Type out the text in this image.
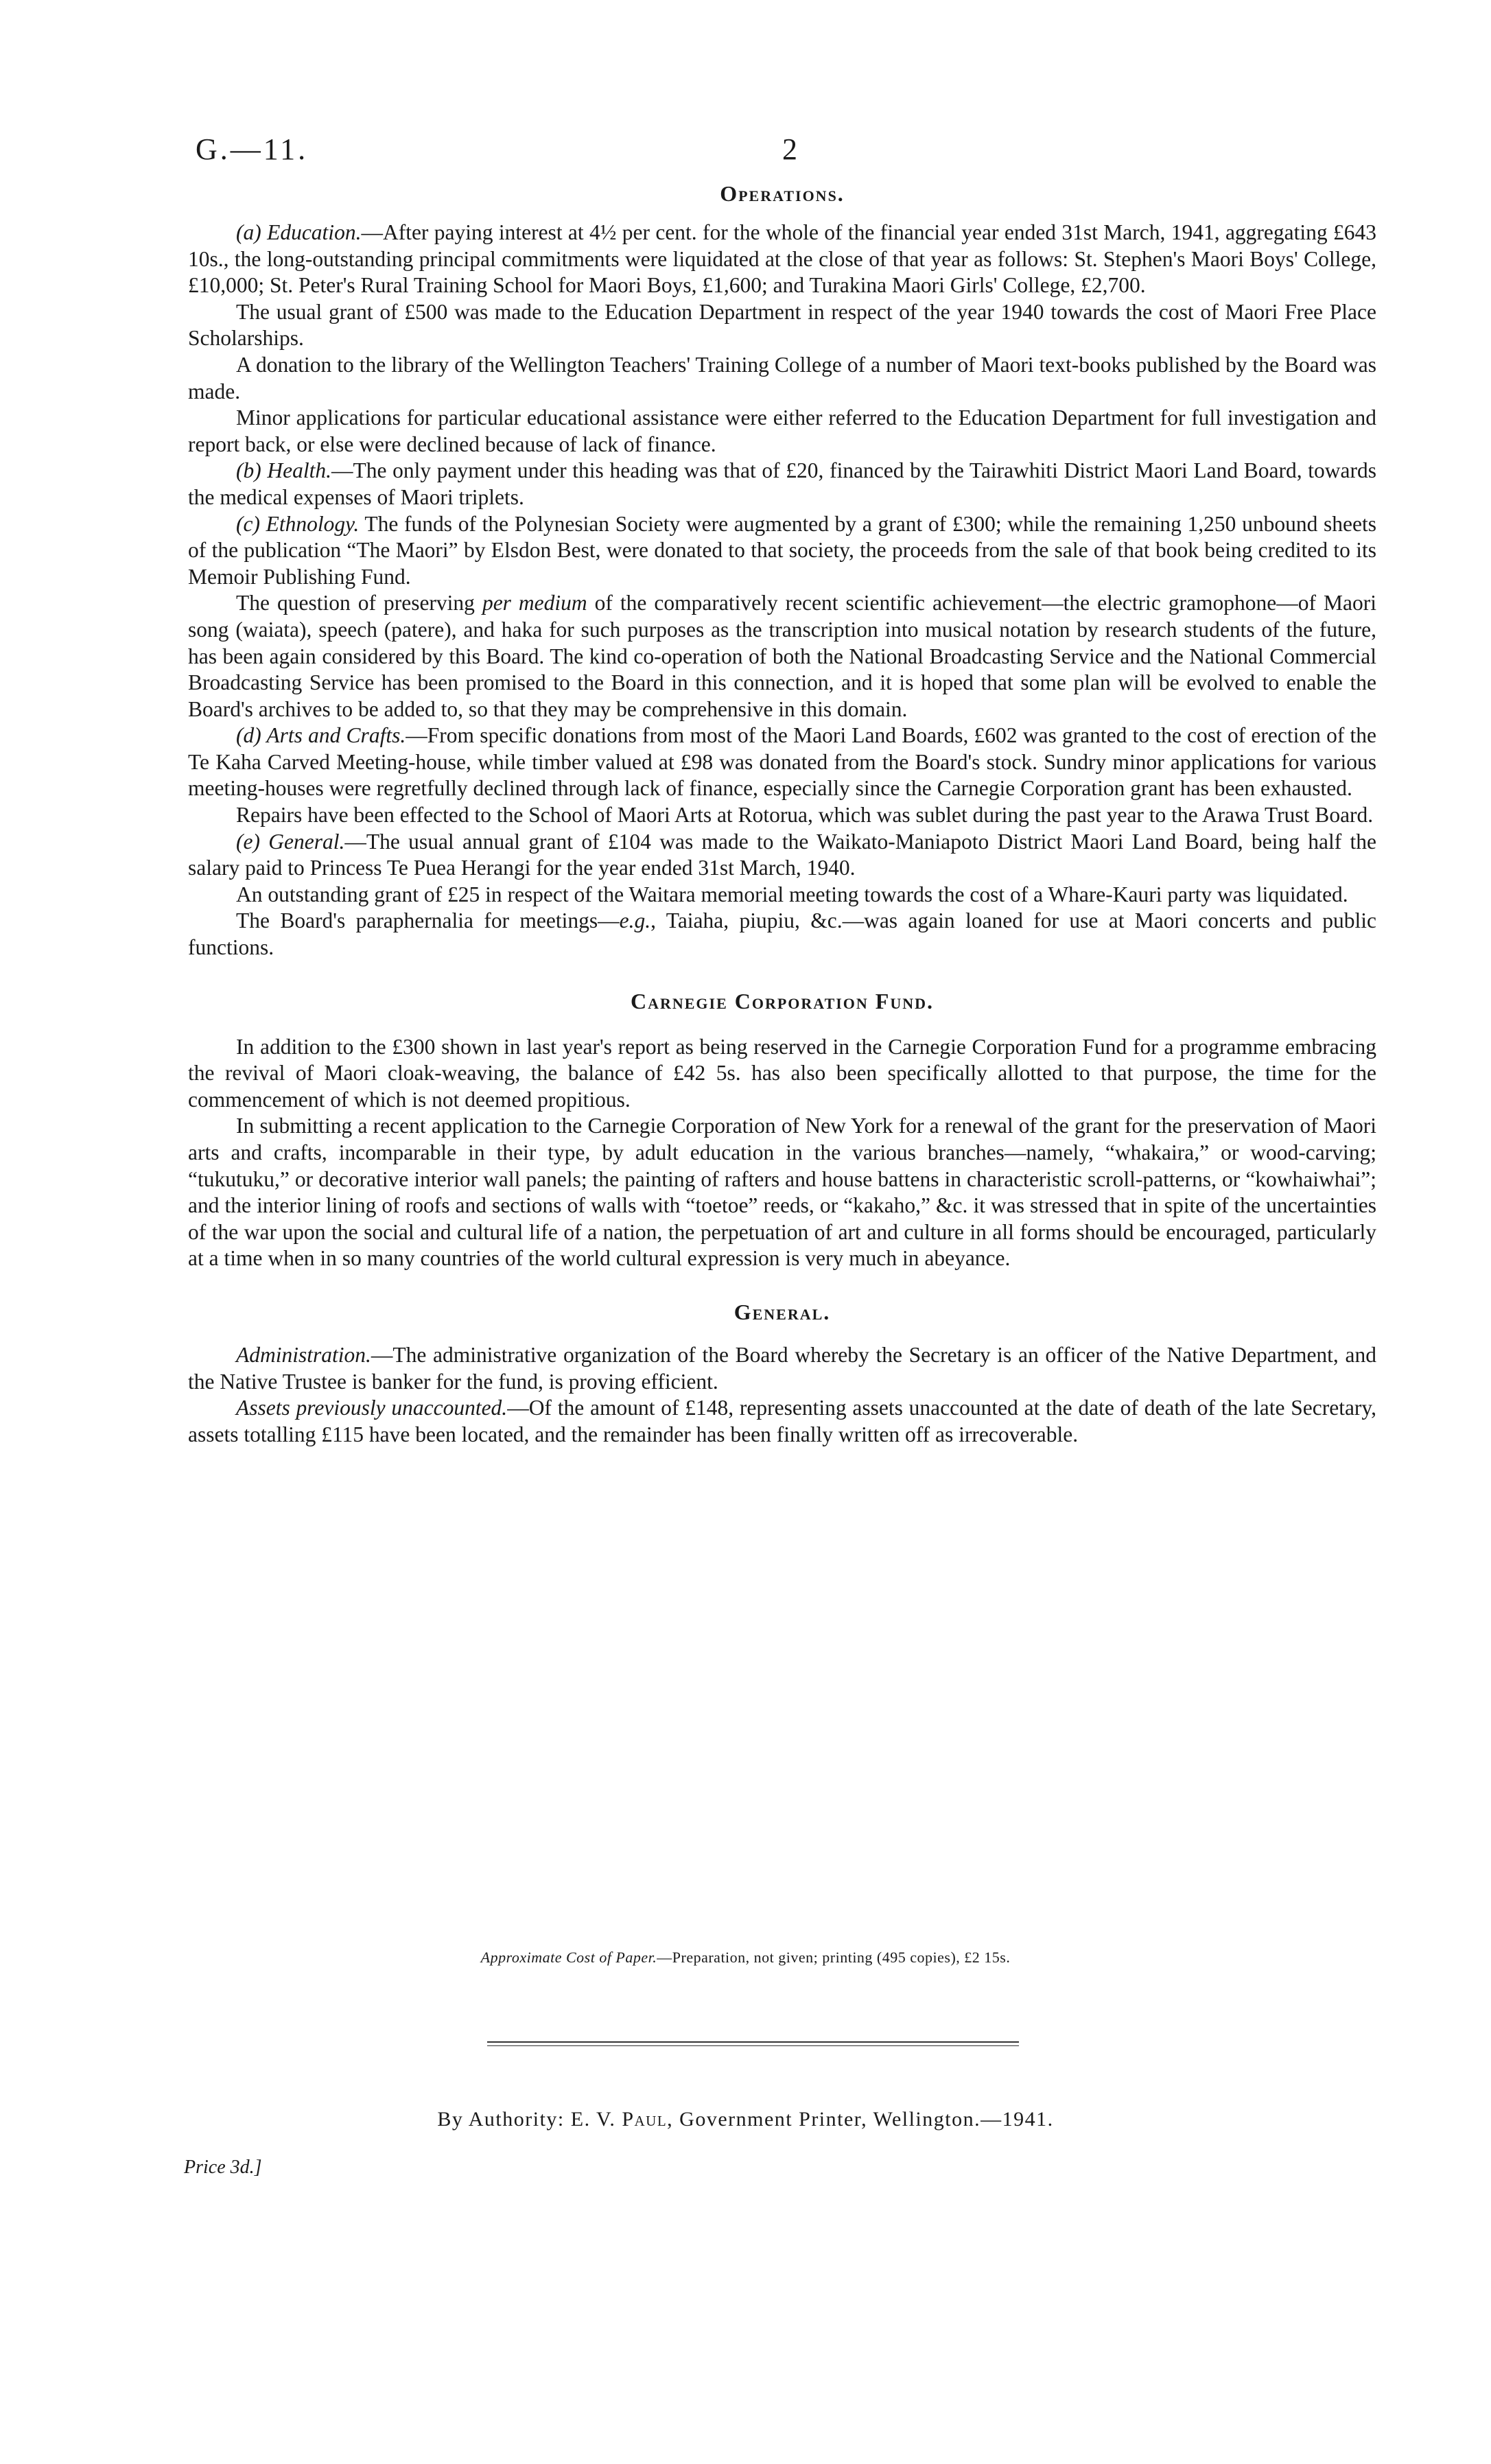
G.—11.	2
Operations.

(a) Education.—After paying interest at 4½ per cent. for the whole of the financial year ended 31st March, 1941, aggregating £643 10s., the long-outstanding principal commitments were liquidated at the close of that year as follows: St. Stephen's Maori Boys' College, £10,000; St. Peter's Rural Training School for Maori Boys, £1,600; and Turakina Maori Girls' College, £2,700.

The usual grant of £500 was made to the Education Department in respect of the year 1940 towards the cost of Maori Free Place Scholarships.

A donation to the library of the Wellington Teachers' Training College of a number of Maori text-books published by the Board was made.

Minor applications for particular educational assistance were either referred to the Education Department for full investigation and report back, or else were declined because of lack of finance.

(b) Health.—The only payment under this heading was that of £20, financed by the Tairawhiti District Maori Land Board, towards the medical expenses of Maori triplets.

(c) Ethnology. The funds of the Polynesian Society were augmented by a grant of £300; while the remaining 1,250 unbound sheets of the publication “The Maori” by Elsdon Best, were donated to that society, the proceeds from the sale of that book being credited to its Memoir Publishing Fund.

The question of preserving per medium of the comparatively recent scientific achievement—the electric gramophone—of Maori song (waiata), speech (patere), and haka for such purposes as the transcription into musical notation by research students of the future, has been again considered by this Board. The kind co-operation of both the National Broadcasting Service and the National Commercial Broadcasting Service has been promised to the Board in this connection, and it is hoped that some plan will be evolved to enable the Board's archives to be added to, so that they may be comprehensive in this domain.

(d) Arts and Crafts.—From specific donations from most of the Maori Land Boards, £602 was granted to the cost of erection of the Te Kaha Carved Meeting-house, while timber valued at £98 was donated from the Board's stock. Sundry minor applications for various meeting-houses were regretfully declined through lack of finance, especially since the Carnegie Corporation grant has been exhausted.

Repairs have been effected to the School of Maori Arts at Rotorua, which was sublet during the past year to the Arawa Trust Board.

(e) General.—The usual annual grant of £104 was made to the Waikato-Maniapoto District Maori Land Board, being half the salary paid to Princess Te Puea Herangi for the year ended 31st March, 1940.

An outstanding grant of £25 in respect of the Waitara memorial meeting towards the cost of a Whare-Kauri party was liquidated.

The Board's paraphernalia for meetings—e.g., Taiaha, piupiu, &c.—was again loaned for use at Maori concerts and public functions.

Carnegie Corporation Fund.

In addition to the £300 shown in last year's report as being reserved in the Carnegie Corporation Fund for a programme embracing the revival of Maori cloak-weaving, the balance of £42 5s. has also been specifically allotted to that purpose, the time for the commencement of which is not deemed propitious.

In submitting a recent application to the Carnegie Corporation of New York for a renewal of the grant for the preservation of Maori arts and crafts, incomparable in their type, by adult education in the various branches—namely, “whakaira,” or wood-carving; “tukutuku,” or decorative interior wall panels; the painting of rafters and house battens in characteristic scroll-patterns, or “kowhaiwhai”; and the interior lining of roofs and sections of walls with “toetoe” reeds, or “kakaho,” &c. it was stressed that in spite of the uncertainties of the war upon the social and cultural life of a nation, the perpetuation of art and culture in all forms should be encouraged, particularly at a time when in so many countries of the world cultural expression is very much in abeyance.

General.

Administration.—The administrative organization of the Board whereby the Secretary is an officer of the Native Department, and the Native Trustee is banker for the fund, is proving efficient.

Assets previously unaccounted.—Of the amount of £148, representing assets unaccounted at the date of death of the late Secretary, assets totalling £115 have been located, and the remainder has been finally written off as irrecoverable.

Approximate Cost of Paper.—Preparation, not given; printing (495 copies), £2 15s.
By Authority: E. V. Paul, Government Printer, Wellington.—1941.
Price 3d.]
